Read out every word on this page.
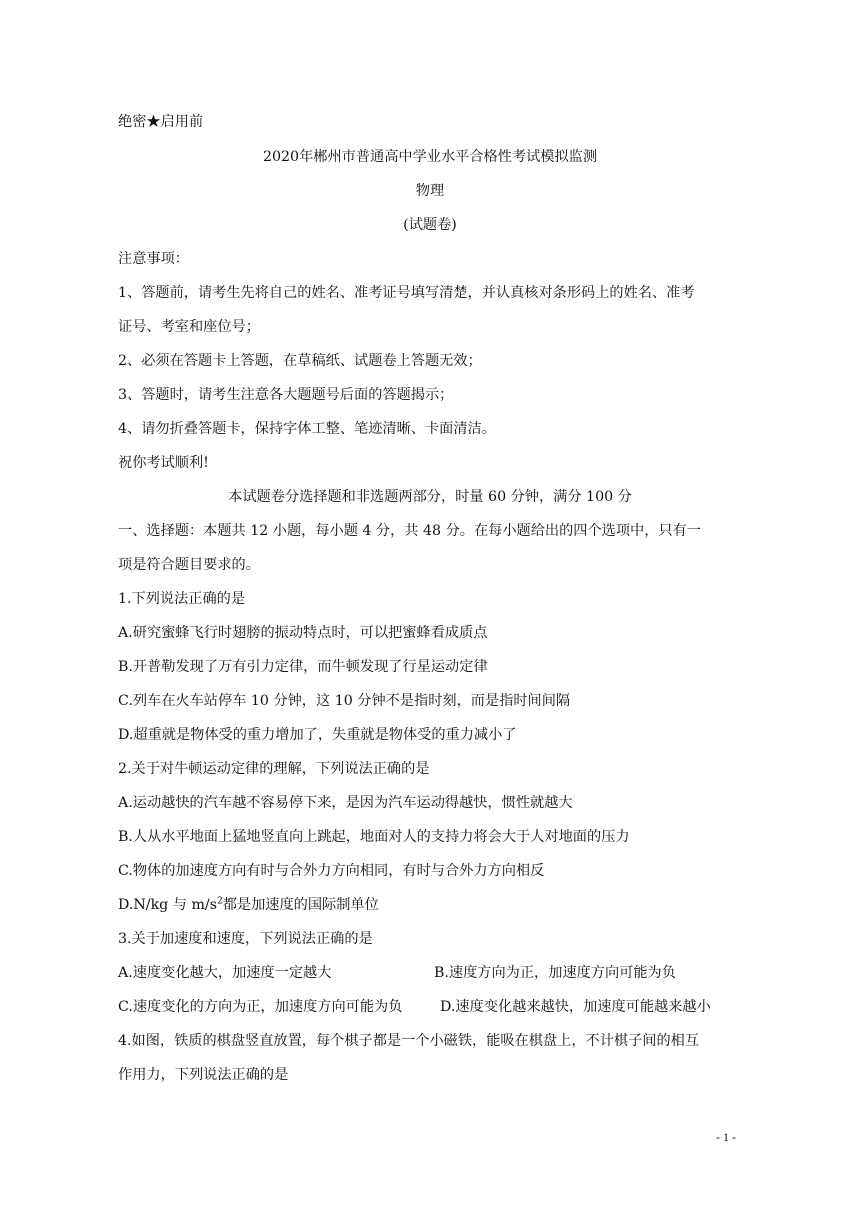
绝密★启用前
2020年郴州市普通高中学业水平合格性考试模拟监测
物理
(试题卷)
注意事项：
1、答题前，请考生先将自己的姓名、准考证号填写清楚，并认真核对条形码上的姓名、准考
证号、考室和座位号；
2、必须在答题卡上答题，在草稿纸、试题卷上答题无效；
3、答题时，请考生注意各大题题号后面的答题揭示；
4、请勿折叠答题卡，保持字体工整、笔迹清晰、卡面清洁。
祝你考试顺利!
本试题卷分选择题和非选题两部分，时量 60 分钟，满分 100 分
一、选择题：本题共 12 小题，每小题 4 分，共 48 分。在每小题给出的四个选项中，只有一
项是符合题目要求的。
1.下列说法正确的是
A.研究蜜蜂飞行时翅膀的振动特点时，可以把蜜蜂看成质点
B.开普勒发现了万有引力定律，而牛顿发现了行星运动定律
C.列车在火车站停车 10 分钟，这 10 分钟不是指时刻，而是指时间间隔
D.超重就是物体受的重力增加了，失重就是物体受的重力减小了
2.关于对牛顿运动定律的理解，下列说法正确的是
A.运动越快的汽车越不容易停下来，是因为汽车运动得越快，惯性就越大
B.人从水平地面上猛地竖直向上跳起，地面对人的支持力将会大于人对地面的压力
C.物体的加速度方向有时与合外力方向相同，有时与合外力方向相反
D.N/kg 与 $m/s^2$都是加速度的国际制单位
3.关于加速度和速度，下列说法正确的是
A.速度变化越大，加速度一定越大	B.速度方向为正，加速度方向可能为负
C.速度变化的方向为正，加速度方向可能为负	D.速度变化越来越快，加速度可能越来越小
4.如图，铁质的棋盘竖直放置，每个棋子都是一个小磁铁，能吸在棋盘上，不计棋子间的相互
作用力，下列说法正确的是
- 1 -
